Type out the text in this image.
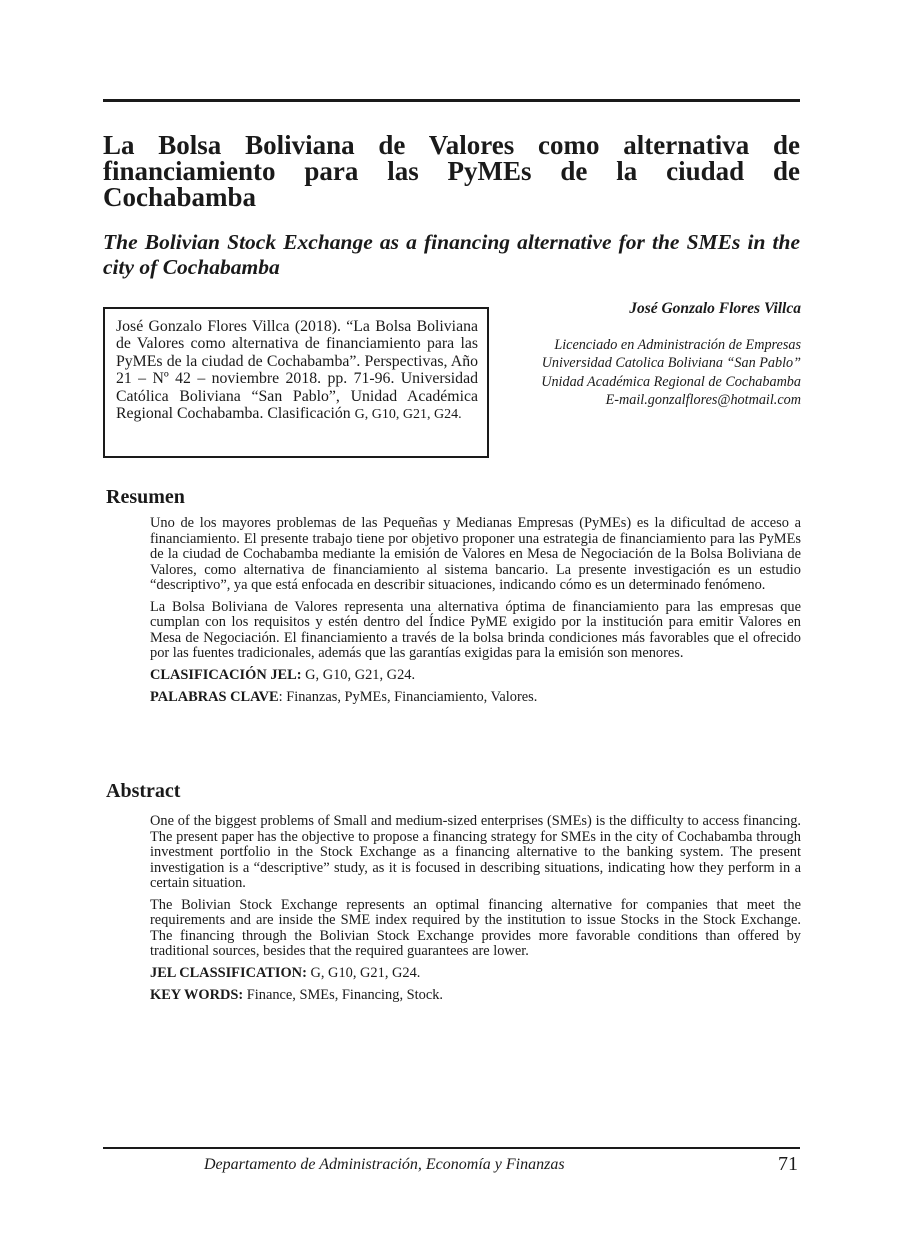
La Bolsa Boliviana de Valores como alternativa de financiamiento para las PyMEs de la ciudad de Cochabamba
The Bolivian Stock Exchange as a financing alternative for the SMEs in the city of Cochabamba
José Gonzalo Flores Villca (2018). “La Bolsa Boliviana de Valores como alternativa de financiamiento para las PyMEs de la ciudad de Cochabamba”. Perspectivas, Año 21 – Nº 42 – noviembre 2018. pp. 71-96. Universidad Católica Boliviana “San Pablo”, Unidad Académica Regional Cochabamba. Clasificación G, G10, G21, G24.
José Gonzalo Flores Villca
Licenciado en Administración de Empresas
Universidad Catolica Boliviana “San Pablo”
Unidad Académica Regional de Cochabamba
E-mail.gonzalflores@hotmail.com
Resumen

Uno de los mayores problemas de las Pequeñas y Medianas Empresas (PyMEs) es la dificultad de acceso a financiamiento. El presente trabajo tiene por objetivo proponer una estrategia de financiamiento para las PyMEs de la ciudad de Cochabamba mediante la emisión de Valores en Mesa de Negociación de la Bolsa Boliviana de Valores, como alternativa de financiamiento al sistema bancario. La presente investigación es un estudio “descriptivo”, ya que está enfocada en describir situaciones, indicando cómo es un determinado fenómeno.

La Bolsa Boliviana de Valores representa una alternativa óptima de financiamiento para las empresas que cumplan con los requisitos y estén dentro del Índice PyME exigido por la institución para emitir Valores en Mesa de Negociación. El financiamiento a través de la bolsa brinda condiciones más favorables que el ofrecido por las fuentes tradicionales, además que las garantías exigidas para la emisión son menores.

CLASIFICACIÓN JEL: G, G10, G21, G24.

PALABRAS CLAVE: Finanzas, PyMEs, Financiamiento, Valores.

Abstract

One of the biggest problems of Small and medium-sized enterprises (SMEs) is the difficulty to access financing. The present paper has the objective to propose a financing strategy for SMEs in the city of Cochabamba through investment portfolio in the Stock Exchange as a financing alternative to the banking system. The present investigation is a “descriptive” study, as it is focused in describing situations, indicating how they perform in a certain situation.

The Bolivian Stock Exchange represents an optimal financing alternative for companies that meet the requirements and are inside the SME index required by the institution to issue Stocks in the Stock Exchange. The financing through the Bolivian Stock Exchange provides more favorable conditions than offered by traditional sources, besides that the required guarantees are lower.

JEL CLASSIFICATION: G, G10, G21, G24.

KEY WORDS: Finance, SMEs, Financing, Stock.

Departamento de Administración, Economía y Finanzas	71
